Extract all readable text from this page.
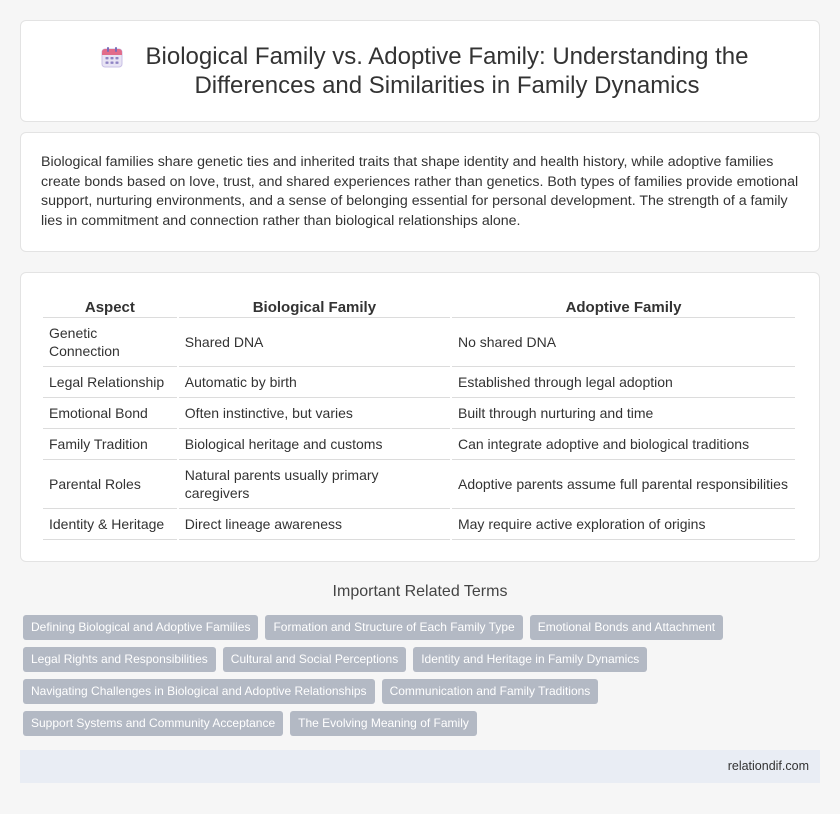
Biological Family vs. Adoptive Family: Understanding the Differences and Similarities in Family Dynamics

Biological families share genetic ties and inherited traits that shape identity and health history, while adoptive families create bonds based on love, trust, and shared experiences rather than genetics. Both types of families provide emotional support, nurturing environments, and a sense of belonging essential for personal development. The strength of a family lies in commitment and connection rather than biological relationships alone.

Aspect	Biological Family	Adoptive Family
Genetic Connection	Shared DNA	No shared DNA
Legal Relationship	Automatic by birth	Established through legal adoption
Emotional Bond	Often instinctive, but varies	Built through nurturing and time
Family Tradition	Biological heritage and customs	Can integrate adoptive and biological traditions
Parental Roles	Natural parents usually primary caregivers	Adoptive parents assume full parental responsibilities
Identity & Heritage	Direct lineage awareness	May require active exploration of origins
Important Related Terms
Defining Biological and Adoptive Families	Formation and Structure of Each Family Type	Emotional Bonds and Attachment
Legal Rights and Responsibilities	Cultural and Social Perceptions	Identity and Heritage in Family Dynamics
Navigating Challenges in Biological and Adoptive Relationships	Communication and Family Traditions
Support Systems and Community Acceptance	The Evolving Meaning of Family
relationdif.com
